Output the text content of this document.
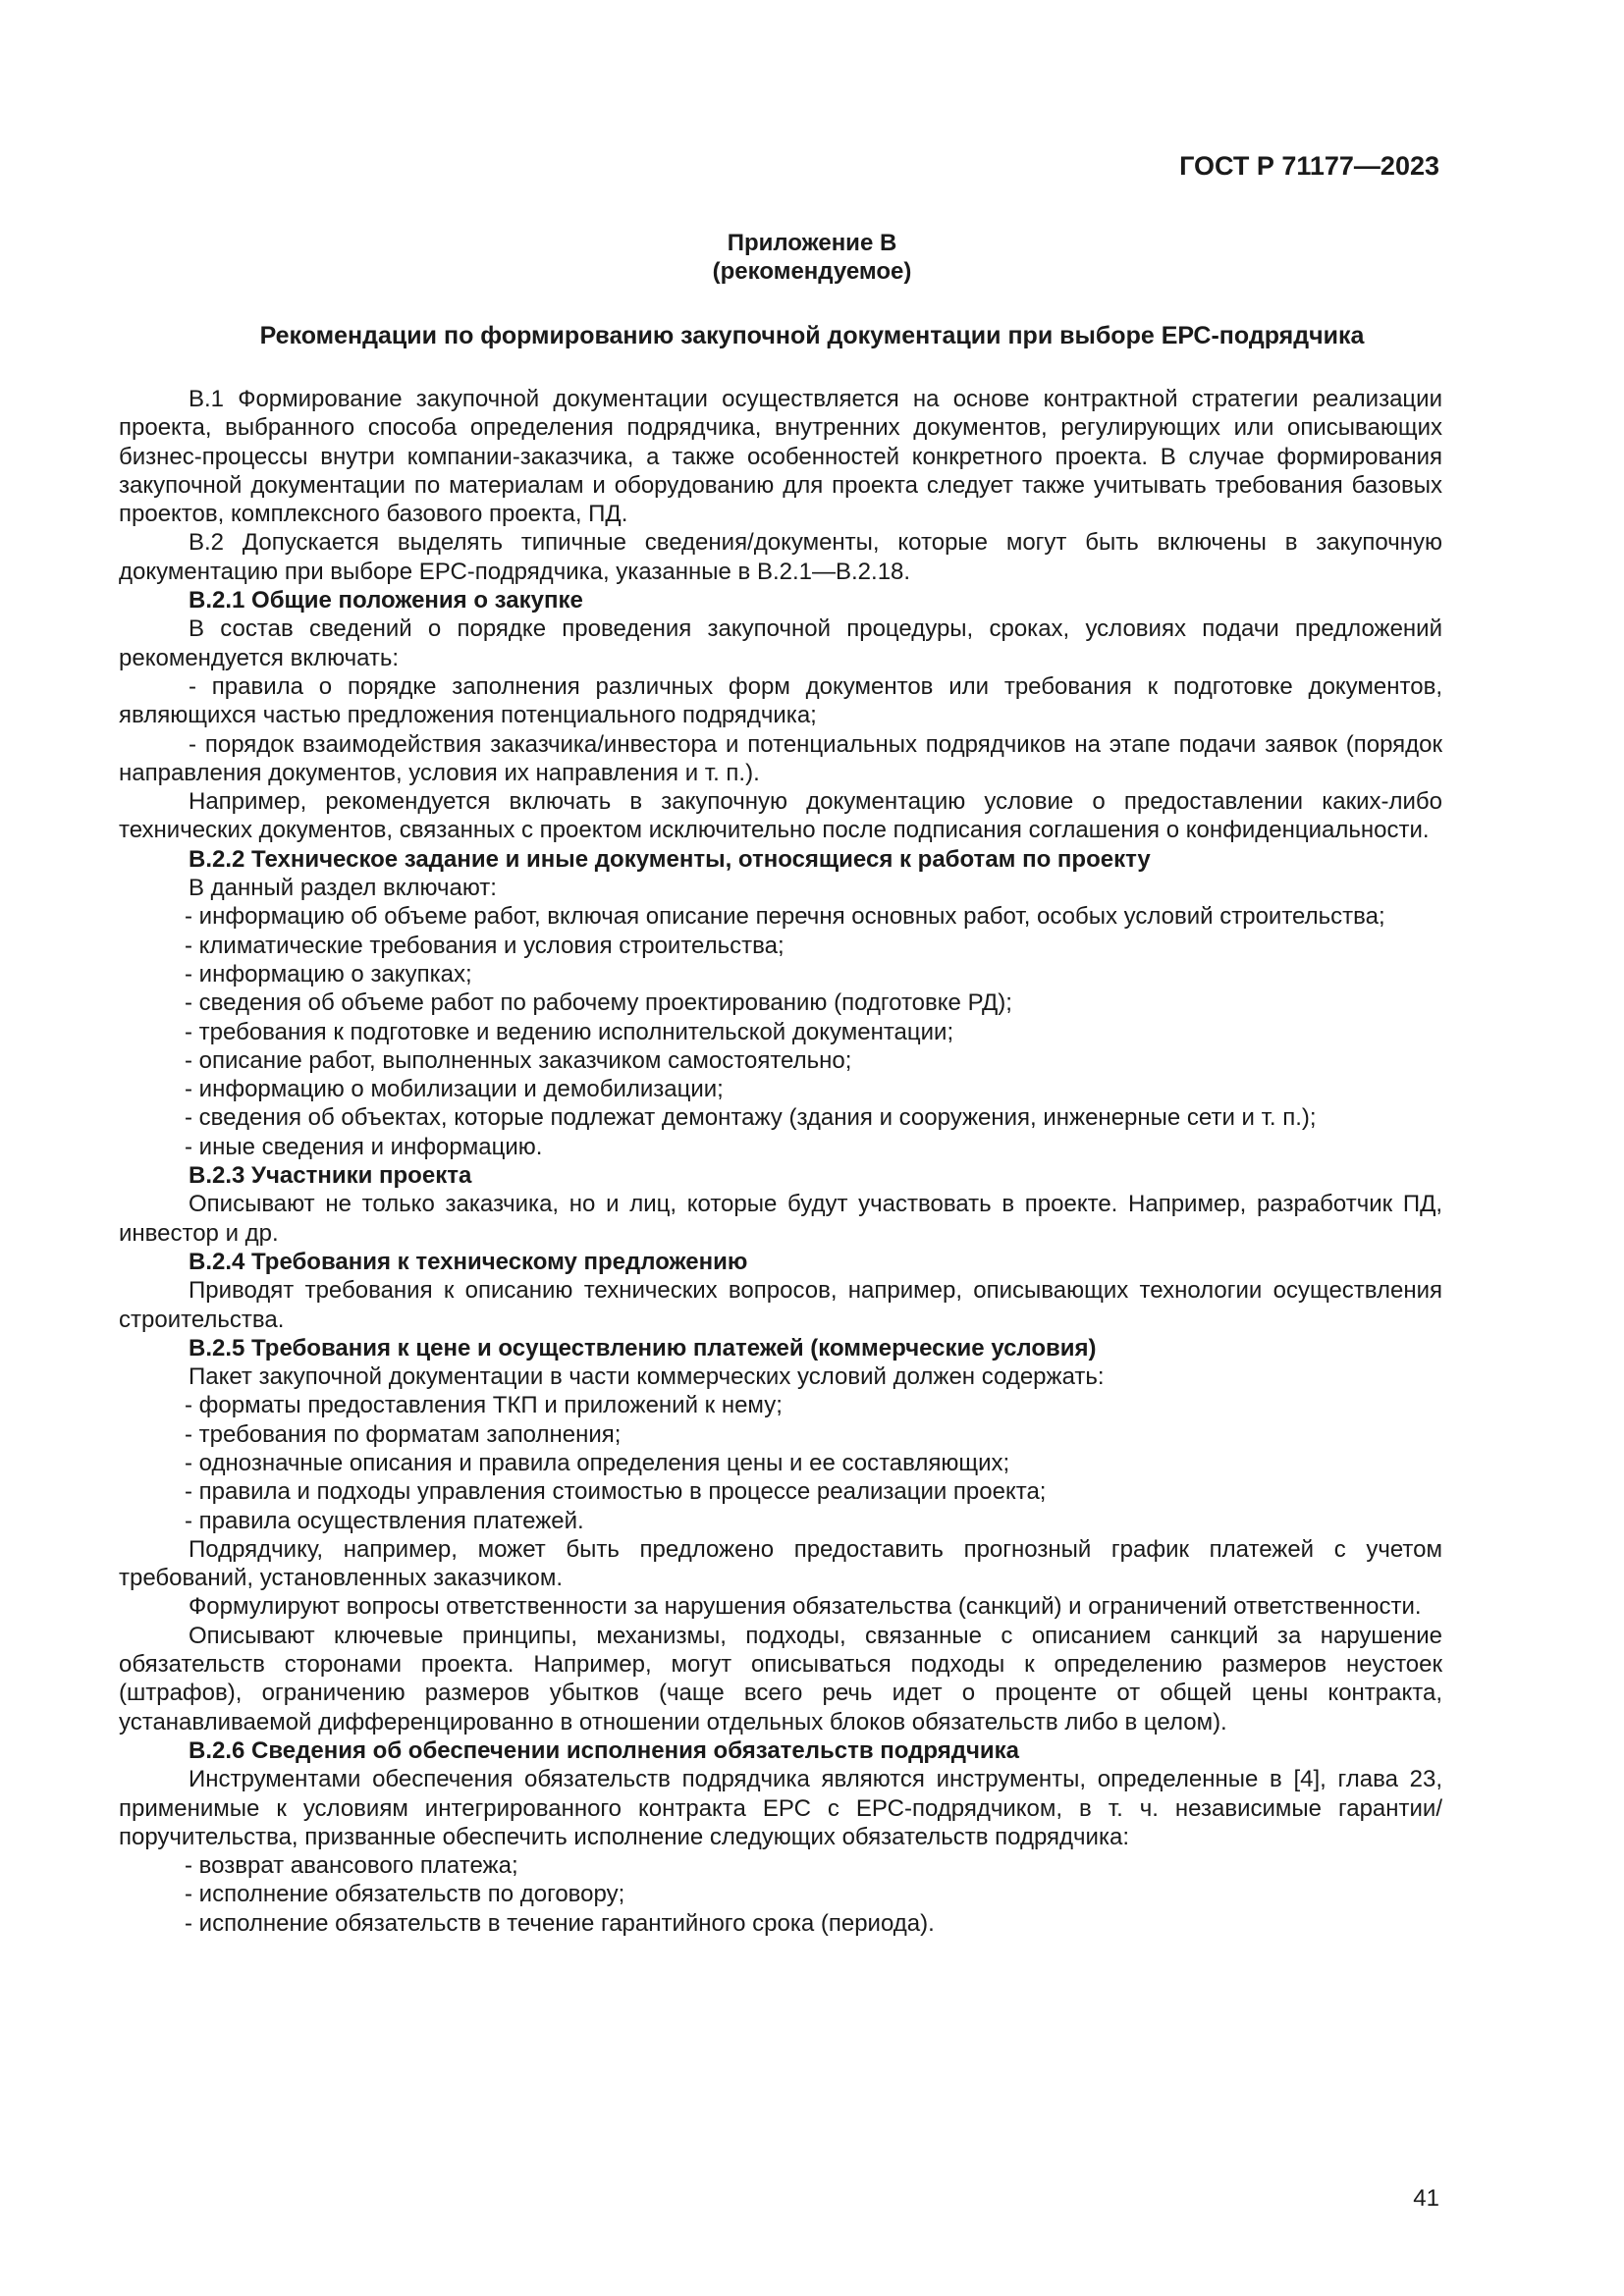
ГОСТ Р 71177—2023
Приложение В
(рекомендуемое)
Рекомендации по формированию закупочной документации при выборе ЕРС-подрядчика

В.1 Формирование закупочной документации осуществляется на основе контрактной стратегии реализации проекта, выбранного способа определения подрядчика, внутренних документов, регулирующих или описывающих бизнес-процессы внутри компании-заказчика, а также особенностей конкретного проекта. В случае формирования закупочной документации по материалам и оборудованию для проекта следует также учитывать требования базовых проектов, комплексного базового проекта, ПД.

В.2 Допускается выделять типичные сведения/документы, которые могут быть включены в закупочную документацию при выборе ЕРС-подрядчика, указанные в В.2.1—В.2.18.

В.2.1 Общие положения о закупке

В состав сведений о порядке проведения закупочной процедуры, сроках, условиях подачи предложений рекомендуется включать:

- правила о порядке заполнения различных форм документов или требования к подготовке документов, являющихся частью предложения потенциального подрядчика;

- порядок взаимодействия заказчика/инвестора и потенциальных подрядчиков на этапе подачи заявок (порядок направления документов, условия их направления и т. п.).

Например, рекомендуется включать в закупочную документацию условие о предоставлении каких-либо технических документов, связанных с проектом исключительно после подписания соглашения о конфиденциальности.

В.2.2 Техническое задание и иные документы, относящиеся к работам по проекту

В данный раздел включают:

- информацию об объеме работ, включая описание перечня основных работ, особых условий строительства;

- климатические требования и условия строительства;

- информацию о закупках;

- сведения об объеме работ по рабочему проектированию (подготовке РД);

- требования к подготовке и ведению исполнительской документации;

- описание работ, выполненных заказчиком самостоятельно;

- информацию о мобилизации и демобилизации;

- сведения об объектах, которые подлежат демонтажу (здания и сооружения, инженерные сети и т. п.);

- иные сведения и информацию.

В.2.3 Участники проекта

Описывают не только заказчика, но и лиц, которые будут участвовать в проекте. Например, разработчик ПД, инвестор и др.

В.2.4 Требования к техническому предложению

Приводят требования к описанию технических вопросов, например, описывающих технологии осуществления строительства.

В.2.5 Требования к цене и осуществлению платежей (коммерческие условия)

Пакет закупочной документации в части коммерческих условий должен содержать:

- форматы предоставления ТКП и приложений к нему;

- требования по форматам заполнения;

- однозначные описания и правила определения цены и ее составляющих;

- правила и подходы управления стоимостью в процессе реализации проекта;

- правила осуществления платежей.

Подрядчику, например, может быть предложено предоставить прогнозный график платежей с учетом требований, установленных заказчиком.

Формулируют вопросы ответственности за нарушения обязательства (санкций) и ограничений ответственности.

Описывают ключевые принципы, механизмы, подходы, связанные с описанием санкций за нарушение обязательств сторонами проекта. Например, могут описываться подходы к определению размеров неустоек (штрафов), ограничению размеров убытков (чаще всего речь идет о проценте от общей цены контракта, устанавливаемой дифференцированно в отношении отдельных блоков обязательств либо в целом).

В.2.6 Сведения об обеспечении исполнения обязательств подрядчика

Инструментами обеспечения обязательств подрядчика являются инструменты, определенные в [4], глава 23, применимые к условиям интегрированного контракта ЕРС с ЕРС-подрядчиком, в т. ч. независимые гарантии/поручительства, призванные обеспечить исполнение следующих обязательств подрядчика:

- возврат авансового платежа;

- исполнение обязательств по договору;

- исполнение обязательств в течение гарантийного срока (периода).

41
